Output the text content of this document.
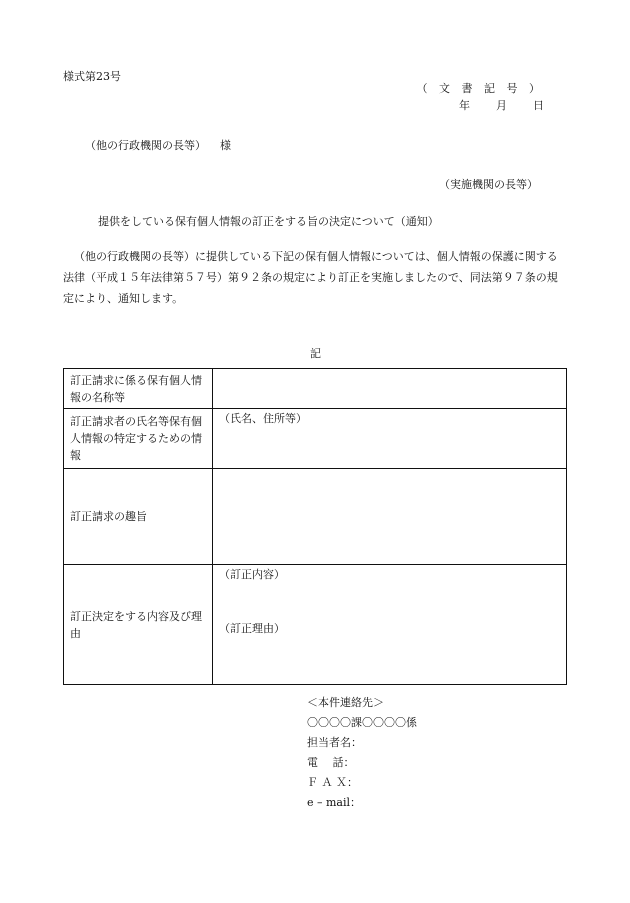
様式第23号
（ 文 書 記 号 ）
年 月 日
（他の行政機関の長等） 様
（実施機関の長等）
提供をしている保有個人情報の訂正をする旨の決定について（通知）
（他の行政機関の長等）に提供している下記の保有個人情報については、個人情報の保護に関する法律（平成１５年法律第５７号）第９２条の規定により訂正を実施しましたので、同法第９７条の規定により、通知します。
記
訂正請求に係る保有個人情報の名称等	
訂正請求者の氏名等保有個人情報の特定するための情報	（氏名、住所等）
訂正請求の趣旨	
訂正決定をする内容及び理由	（訂正内容）
（訂正理由）
＜本件連絡先＞
〇〇〇〇課〇〇〇〇係
担当者名：
電　 話：
Ｆ Ａ Ｘ：
e – mail：
